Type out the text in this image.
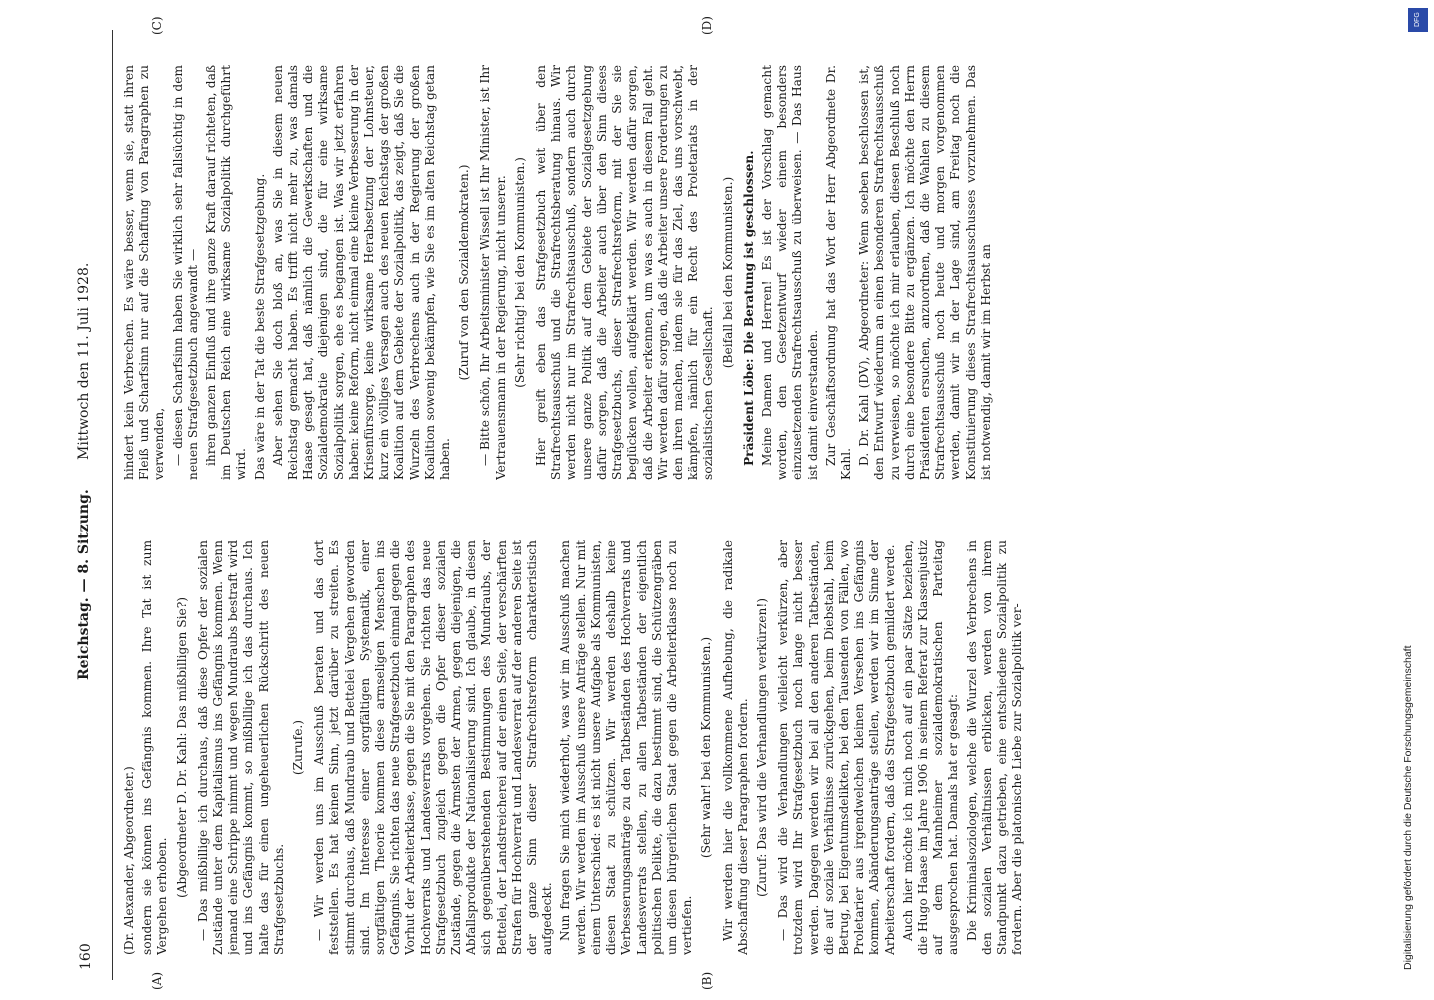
160
Reichstag. — 8. Sitzung.
Mittwoch den 11. Juli 1928.
(A)	(B)
(C)	(D)

(Dr. Alexander, Abgeordneter.) sondern sie können ins Gefängnis kommen. Ihre Tat ist zum Vergehen erhoben. (Abgeordneter D. Dr. Kahl: Das mißbilligen Sie?) — Das mißbillige ich durchaus, daß diese Opfer der sozialen Zustände unter dem Kapitalismus ins Gefängnis kommen. Wenn jemand eine Schrippe nimmt und wegen Mundraubs bestraft wird und ins Gefängnis kommt, so mißbillige ich das durchaus. Ich halte das für einen ungeheuerlichen Rückschritt des neuen Strafgesetzbuchs.

(Zurufe.) — Wir werden uns im Ausschuß beraten und das dort feststellen. Es hat keinen Sinn, jetzt darüber zu streiten. Es stimmt durchaus, daß Mundraub und Bettelei Vergehen geworden sind. Im Interesse einer sorgfältigen Systematik, einer sorgfältigen Theorie kommen diese armseligen Menschen ins Gefängnis. Sie richten das neue Strafgesetzbuch einmal gegen die Vorhut der Arbeiterklasse, gegen die Sie mit den Paragraphen des Hochverrats und Landesverrats vorgehen. Sie richten das neue Strafgesetzbuch zugleich gegen die Opfer dieser sozialen Zustände, gegen die Ärmsten der Armen, gegen diejenigen, die Abfallsprodukte der Nationalisierung sind. Ich glaube, in diesen sich gegenüberstehenden Bestimmungen des Mundraubs, der Bettelei, der Landstreicherei auf der einen Seite, der verschärften Strafen für Hochverrat und Landesverrat auf der anderen Seite ist der ganze Sinn dieser Strafrechtsreform charakteristisch aufgedeckt. Nun fragen Sie mich wiederholt, was wir im Ausschuß machen werden. Wir werden im Ausschuß unsere Anträge stellen. Nur mit einem Unterschied: es ist nicht unsere Aufgabe als Kommunisten, diesen Staat zu schützen. Wir werden deshalb keine Verbesserungsanträge zu den Tatbeständen des Hochverrats und Landesverrats stellen, zu allen Tatbeständen der eigentlich politischen Delikte, die dazu bestimmt sind, die Schützengräben um diesen bürgerlichen Staat gegen die Arbeiterklasse noch zu vertiefen.

(Sehr wahr! bei den Kommunisten.) Wir werden hier die vollkommene Aufhebung, die radikale Abschaffung dieser Paragraphen fordern. (Zuruf: Das wird die Verhandlungen verkürzen!) — Das wird die Verhandlungen vielleicht verkürzen, aber trotzdem wird Ihr Strafgesetzbuch noch lange nicht besser werden. Dagegen werden wir bei all den anderen Tatbeständen, die auf soziale Verhältnisse zurückgehen, beim Diebstahl, beim Betrug, bei Eigentumsdelikten, bei den Tausenden von Fällen, wo Proletarier aus irgendwelchen kleinen Versehen ins Gefängnis kommen, Abänderungsanträge stellen, werden wir im Sinne der Arbeiterschaft fordern, daß das Strafgesetzbuch gemildert werde. Auch hier möchte ich mich noch auf ein paar Sätze beziehen, die Hugo Haase im Jahre 1906 in seinem Referat zur Klassenjustiz auf dem Mannheimer sozialdemokratischen Parteitag ausgesprochen hat. Damals hat er gesagt: Die Kriminalsoziologen, welche die Wurzel des Verbrechens in den sozialen Verhältnissen erblicken, werden von ihrem Standpunkt dazu getrieben, eine entschiedene Sozialpolitik zu fordern. Aber die platonische Liebe zur Sozialpolitik ver-

hindert kein Verbrechen. Es wäre besser, wenn sie, statt ihren Fleiß und Scharfsinn nur auf die Schaffung von Paragraphen zu verwenden, — diesen Scharfsinn haben Sie wirklich sehr fallsüchtig in dem neuen Strafgesetzbuch angewandt — ihren ganzen Einfluß und ihre ganze Kraft darauf richteten, daß im Deutschen Reich eine wirksame Sozialpolitik durchgeführt wird. Das wäre in der Tat die beste Strafgesetzgebung. Aber sehen Sie doch bloß an, was Sie in diesem neuen Reichstag gemacht haben. Es trifft nicht mehr zu, was damals Haase gesagt hat, daß nämlich die Gewerkschaften und die Sozialdemokratie diejenigen sind, die für eine wirksame Sozialpolitik sorgen, ehe es begangen ist. Was wir jetzt erfahren haben: keine Reform, nicht einmal eine kleine Verbesserung in der Krisenfürsorge, keine wirksame Herabsetzung der Lohnsteuer, kurz ein völliges Versagen auch des neuen Reichstags der großen Koalition auf dem Gebiete der Sozialpolitik, das zeigt, daß Sie die Wurzeln des Verbrechens auch in der Regierung der großen Koalition sowenig bekämpfen, wie Sie es im alten Reichstag getan haben.

(Zuruf von den Sozialdemokraten.) — Bitte schön, Ihr Arbeitsminister Wissell ist Ihr Minister, ist Ihr Vertrauensmann in der Regierung, nicht unserer. (Sehr richtig! bei den Kommunisten.) Hier greift eben das Strafgesetzbuch weit über den Strafrechtsausschuß und die Strafrechtsberatung hinaus. Wir werden nicht nur im Strafrechtsausschuß, sondern auch durch unsere ganze Politik auf dem Gebiete der Sozialgesetzgebung dafür sorgen, daß die Arbeiter auch über den Sinn dieses Strafgesetzbuchs, dieser Strafrechtsreform, mit der Sie sie beglücken wollen, aufgeklärt werden. Wir werden dafür sorgen, daß die Arbeiter erkennen, um was es auch in diesem Fall geht. Wir werden dafür sorgen, daß die Arbeiter unsere Forderungen zu den ihren machen, indem sie für das Ziel, das uns vorschwebt, kämpfen, nämlich für ein Recht des Proletariats in der sozialistischen Gesellschaft.

(Beifall bei den Kommunisten.) Präsident Löbe: Die Beratung ist geschlossen. Meine Damen und Herren! Es ist der Vorschlag gemacht worden, den Gesetzentwurf wieder einem besonders einzusetzenden Strafrechtsausschuß zu überweisen. — Das Haus ist damit einverstanden. Zur Geschäftsordnung hat das Wort der Herr Abgeordnete Dr. Kahl. D. Dr. Kahl (DV), Abgeordneter: Wenn soeben beschlossen ist, den Entwurf wiederum an einen besonderen Strafrechtsausschuß zu verweisen, so möchte ich mir erlauben, diesen Beschluß noch durch eine besondere Bitte zu ergänzen. Ich möchte den Herrn Präsidenten ersuchen, anzuordnen, daß die Wahlen zu diesem Strafrechtsausschuß noch heute und morgen vorgenommen werden, damit wir in der Lage sind, am Freitag noch die Konstituierung dieses Strafrechtsausschusses vorzunehmen. Das ist notwendig, damit wir im Herbst an

Digitalisierung gefördert durch die Deutsche Forschungsgemeinschaft
DFG
